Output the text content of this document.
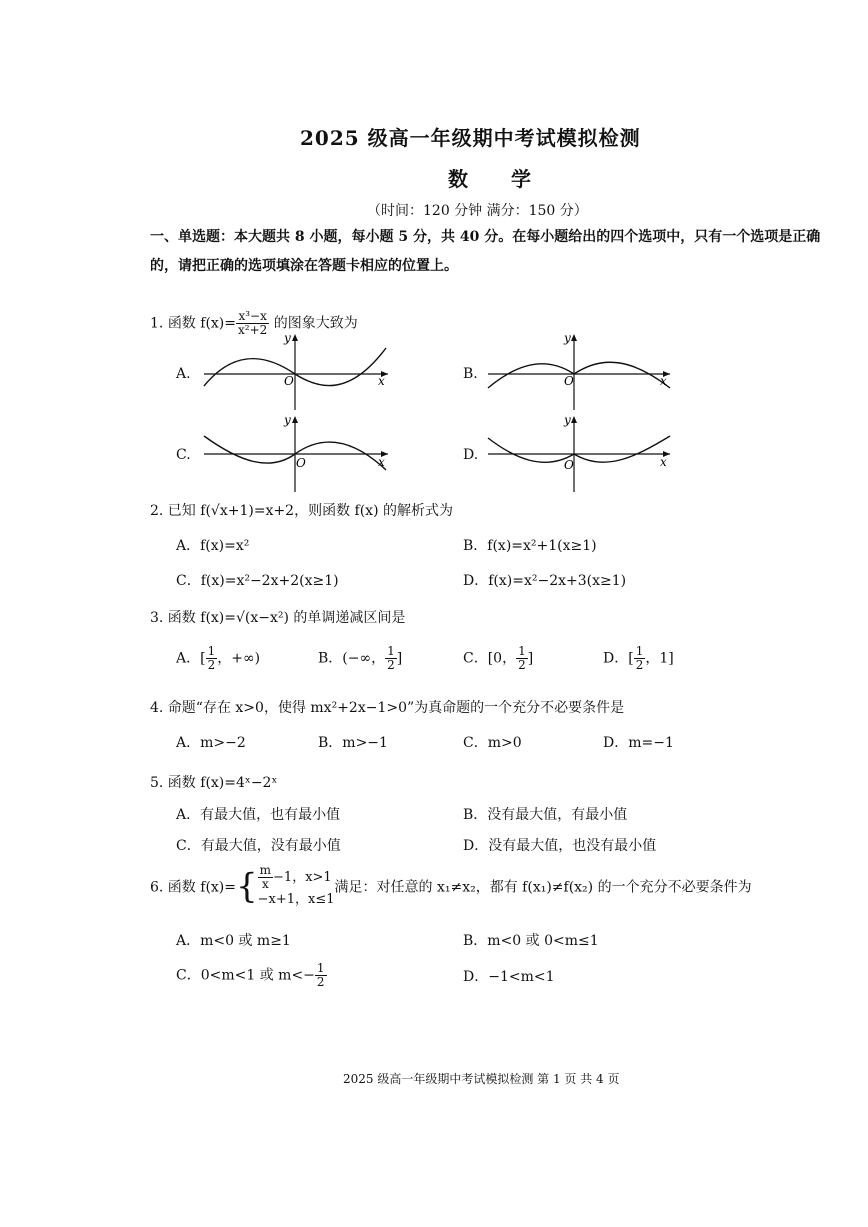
2025 级高一年级期中考试模拟检测
数 学
（时间：120 分钟 满分：150 分）
一、单选题：本大题共 8 小题，每小题 5 分，共 40 分。在每小题给出的四个选项中，只有一个选项是正确
的，请把正确的选项填涂在答题卡相应的位置上。
1. 函数 $f(x)= \frac{\text{x³−x}}{\text{x²+2}}$ 的图象大致为
A.
y
O	x	B.
y
O	x
C.
y
O	x	D.
y
O	x
2. 已知 f(√x+1)=x+2，则函数 f(x) 的解析式为
A．f(x)=x²	B．f(x)=x²+1(x≥1)
C．f(x)=x²−2x+2(x≥1)	D．f(x)=x²−2x+3(x≥1)
3. 函数 f(x)=√(x−x²) 的单调递减区间是
A．[ $\frac{1}{2}$ ，+∞)	B．(−∞， $\frac{1}{2}$ ]	C．[0， $\frac{1}{2}$ ]	D．[ $\frac{1}{2}$ ，1]
4. 命题“存在 x>0，使得 mx²+2x−1>0”为真命题的一个充分不必要条件是
A．m>−2	B．m>−1	C．m>0	D．m=−1
5. 函数 f(x)=4ˣ−2ˣ
A．有最大值，也有最小值	B．没有最大值，有最小值
C．有最大值，没有最小值	D．没有最大值，也没有最小值
6. 函数 $f(x)=\{ \frac{m}{x} -1$，x>1
−x+1，x≤1
满足：对任意的 x₁≠x₂，都有 f(x₁)≠f(x₂) 的一个充分不必要条件为
A．m<0 或 m≥1	B．m<0 或 0<m≤1
C．0<m<1 或 $m<- \frac{1}{2}$	D．−1<m<1
2025 级高一年级期中考试模拟检测 第 1 页 共 4 页
